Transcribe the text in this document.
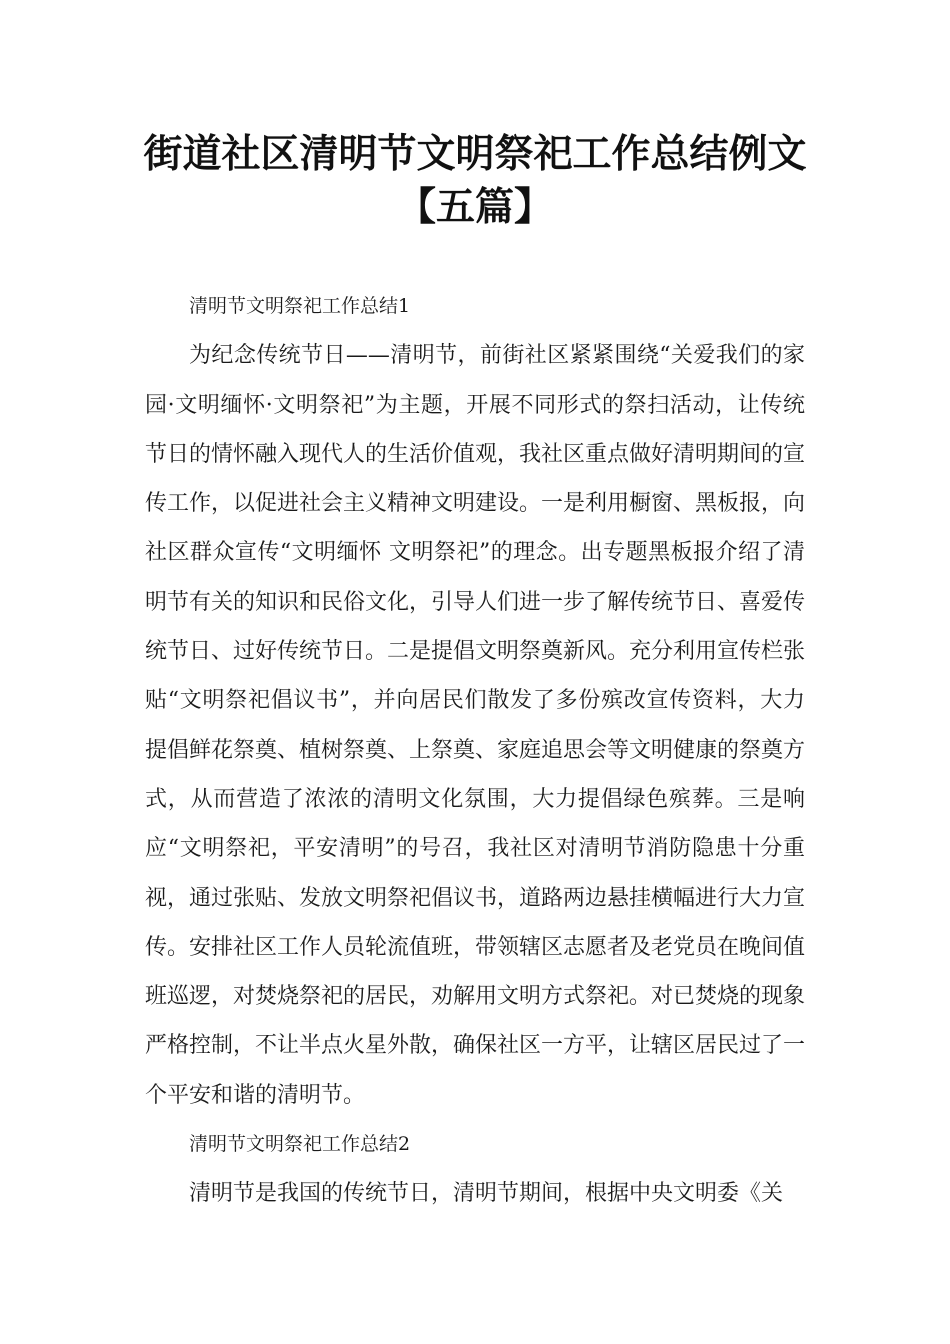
街道社区清明节文明祭祀工作总结例文
【五篇】

清明节文明祭祀工作总结1

为纪念传统节日——清明节，前街社区紧紧围绕“关爱我们的家园·文明缅怀·文明祭祀”为主题，开展不同形式的祭扫活动，让传统节日的情怀融入现代人的生活价值观，我社区重点做好清明期间的宣传工作，以促进社会主义精神文明建设。一是利用橱窗、黑板报，向社区群众宣传“文明缅怀 文明祭祀”的理念。出专题黑板报介绍了清明节有关的知识和民俗文化，引导人们进一步了解传统节日、喜爱传统节日、过好传统节日。二是提倡文明祭奠新风。充分利用宣传栏张贴“文明祭祀倡议书”，并向居民们散发了多份殡改宣传资料，大力提倡鲜花祭奠、植树祭奠、上祭奠、家庭追思会等文明健康的祭奠方式，从而营造了浓浓的清明文化氛围，大力提倡绿色殡葬。三是响应“文明祭祀，平安清明”的号召，我社区对清明节消防隐患十分重视，通过张贴、发放文明祭祀倡议书，道路两边悬挂横幅进行大力宣传。安排社区工作人员轮流值班，带领辖区志愿者及老党员在晚间值班巡逻，对焚烧祭祀的居民，劝解用文明方式祭祀。对已焚烧的现象严格控制，不让半点火星外散，确保社区一方平，让辖区居民过了一个平安和谐的清明节。

清明节文明祭祀工作总结2

清明节是我国的传统节日，清明节期间，根据中央文明委《关
